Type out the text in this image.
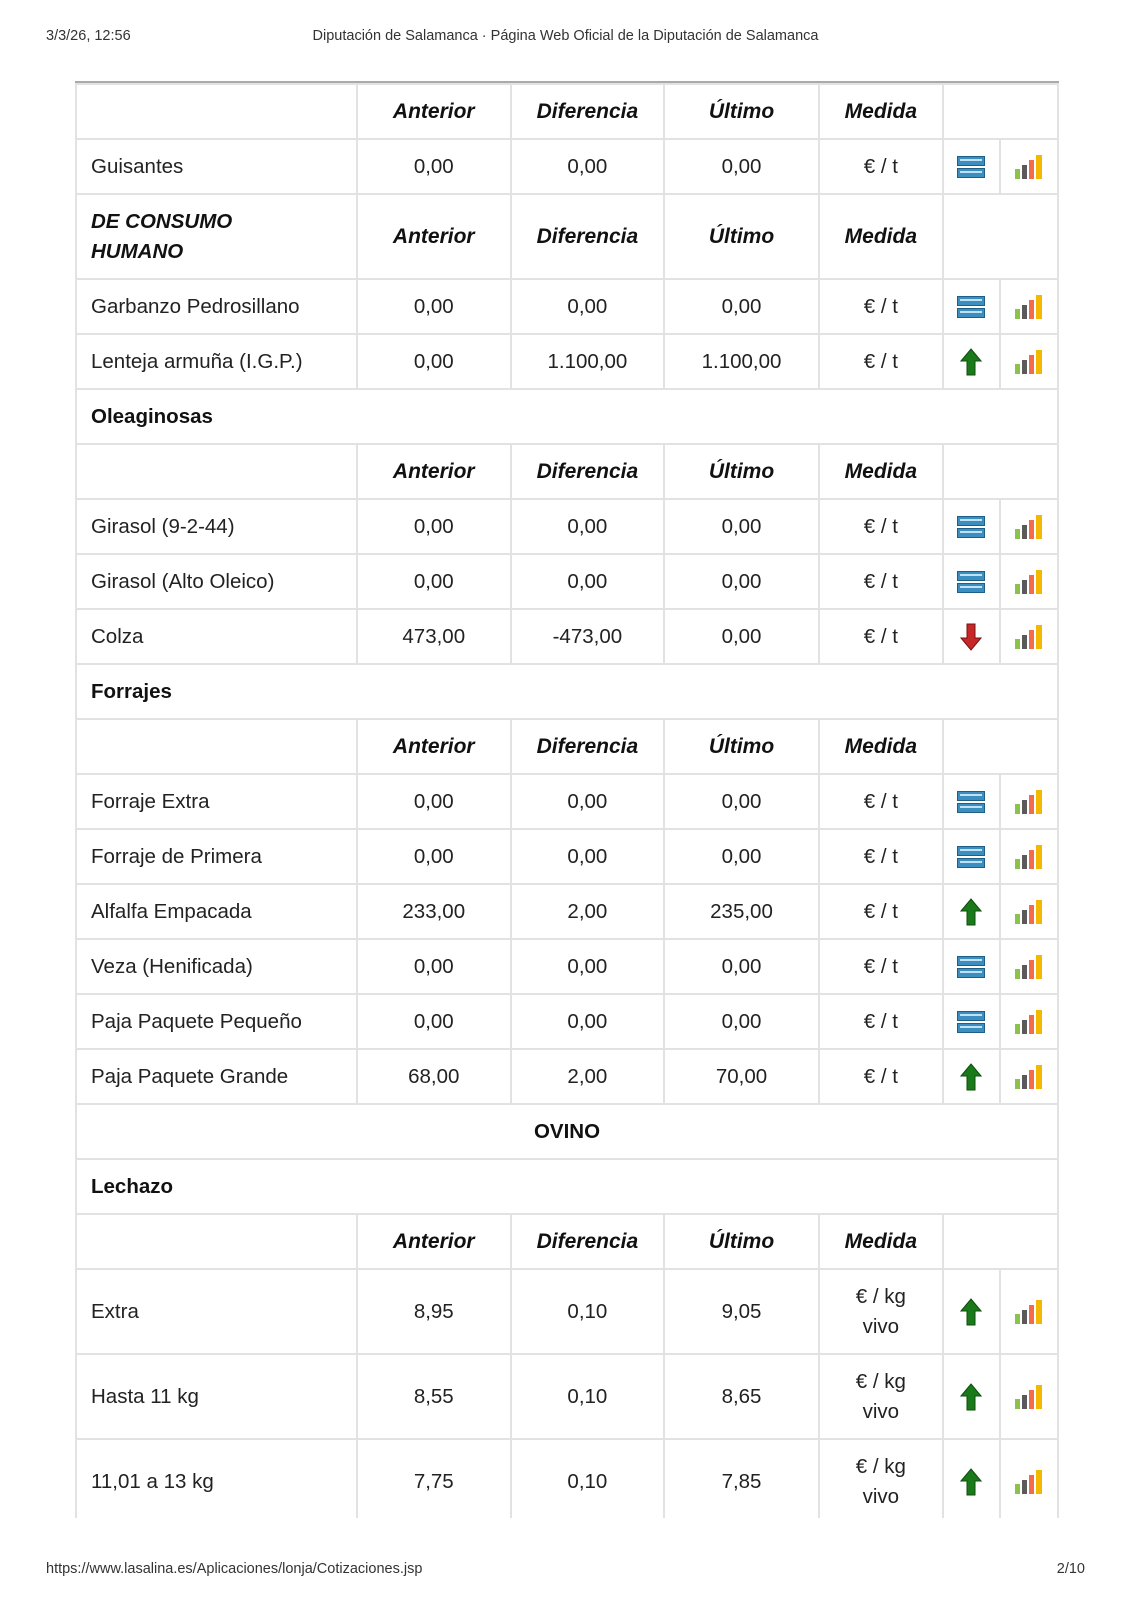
3/3/26, 12:56	Diputación de Salamanca · Página Web Oficial de la Diputación de Salamanca
	Anterior	Diferencia	Último	Medida		
Guisantes	0,00	0,00	0,00	€ / t	

DE CONSUMO
HUMANO	Anterior	Diferencia	Último	Medida		
Garbanzo Pedrosillano	0,00	0,00	0,00	€ / t	

Lenteja armuña (I.G.P.)	0,00	1.100,00	1.100,00	€ / t	

Oleaginosas						
	Anterior	Diferencia	Último	Medida		
Girasol (9-2-44)	0,00	0,00	0,00	€ / t	

Girasol (Alto Oleico)	0,00	0,00	0,00	€ / t	

Colza	473,00	-473,00	0,00	€ / t	

Forrajes						
	Anterior	Diferencia	Último	Medida		
Forraje Extra	0,00	0,00	0,00	€ / t	

Forraje de Primera	0,00	0,00	0,00	€ / t	

Alfalfa Empacada	233,00	2,00	235,00	€ / t	

Veza (Henificada)	0,00	0,00	0,00	€ / t	

Paja Paquete Pequeño	0,00	0,00	0,00	€ / t	

Paja Paquete Grande	68,00	2,00	70,00	€ / t	

OVINO						
Lechazo						
	Anterior	Diferencia	Último	Medida		
Extra	8,95	0,10	9,05	€ / kg
vivo

Hasta 11 kg	8,55	0,10	8,65	€ / kg
vivo

11,01 a 13 kg	7,75	0,10	7,85	€ / kg
vivo

https://www.lasalina.es/Aplicaciones/lonja/Cotizaciones.jsp	2/10
